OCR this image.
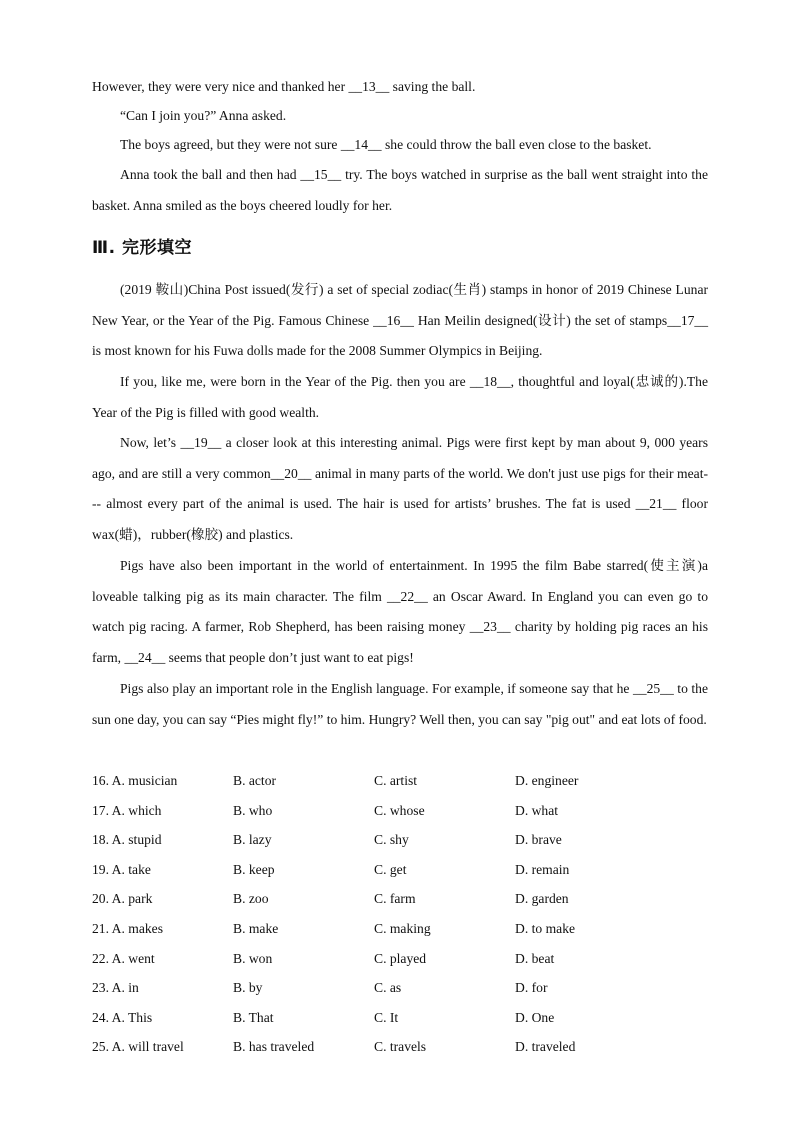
However, they were very nice and thanked her __13__ saving the ball.

“Can I join you?” Anna asked.

The boys agreed, but they were not sure __14__ she could throw the ball even close to the basket.

Anna took the ball and then had __15__ try. The boys watched in surprise as the ball went straight into the basket. Anna smiled as the boys cheered loudly for her.

Ⅲ. 完形填空

(2019 鞍山)China Post issued(发行) a set of special zodiac(生肖) stamps in honor of 2019 Chinese Lunar New Year, or the Year of the Pig. Famous Chinese __16__ Han Meilin designed(设计) the set of stamps__17__ is most known for his Fuwa dolls made for the 2008 Summer Olympics in Beijing.

If you, like me, were born in the Year of the Pig. then you are __18__, thoughtful and loyal(忠诚的).The Year of the Pig is filled with good wealth.

Now, let’s __19__ a closer look at this interesting animal. Pigs were first kept by man about 9, 000 years ago, and are still a very common__20__ animal in many parts of the world. We don't just use pigs for their meat--- almost every part of the animal is used. The hair is used for artists’ brushes. The fat is used __21__ floor wax(蜡)，rubber(橡胶) and plastics.

Pigs have also been important in the world of entertainment. In 1995 the film Babe starred(使主演)a loveable talking pig as its main character. The film __22__ an Oscar Award. In England you can even go to watch pig racing. A farmer, Rob Shepherd, has been raising money __23__ charity by holding pig races an his farm, __24__ seems that people don’t just want to eat pigs!

Pigs also play an important role in the English language. For example, if someone say that he __25__ to the sun one day, you can say “Pies might fly!” to him. Hungry? Well then, you can say "pig out" and eat lots of food.

16. A. musician	B. actor	C. artist	D. engineer
17. A. which	B. who	C. whose	D. what
18. A. stupid	B. lazy	C. shy	D. brave
19. A. take	B. keep	C. get	D. remain
20. A. park	B. zoo	C. farm	D. garden
21. A. makes	B. make	C. making	D. to make
22. A. went	B. won	C. played	D. beat
23. A. in	B. by	C. as	D. for
24. A. This	B. That	C. It	D. One
25. A. will travel	B. has traveled	C. travels	D. traveled
